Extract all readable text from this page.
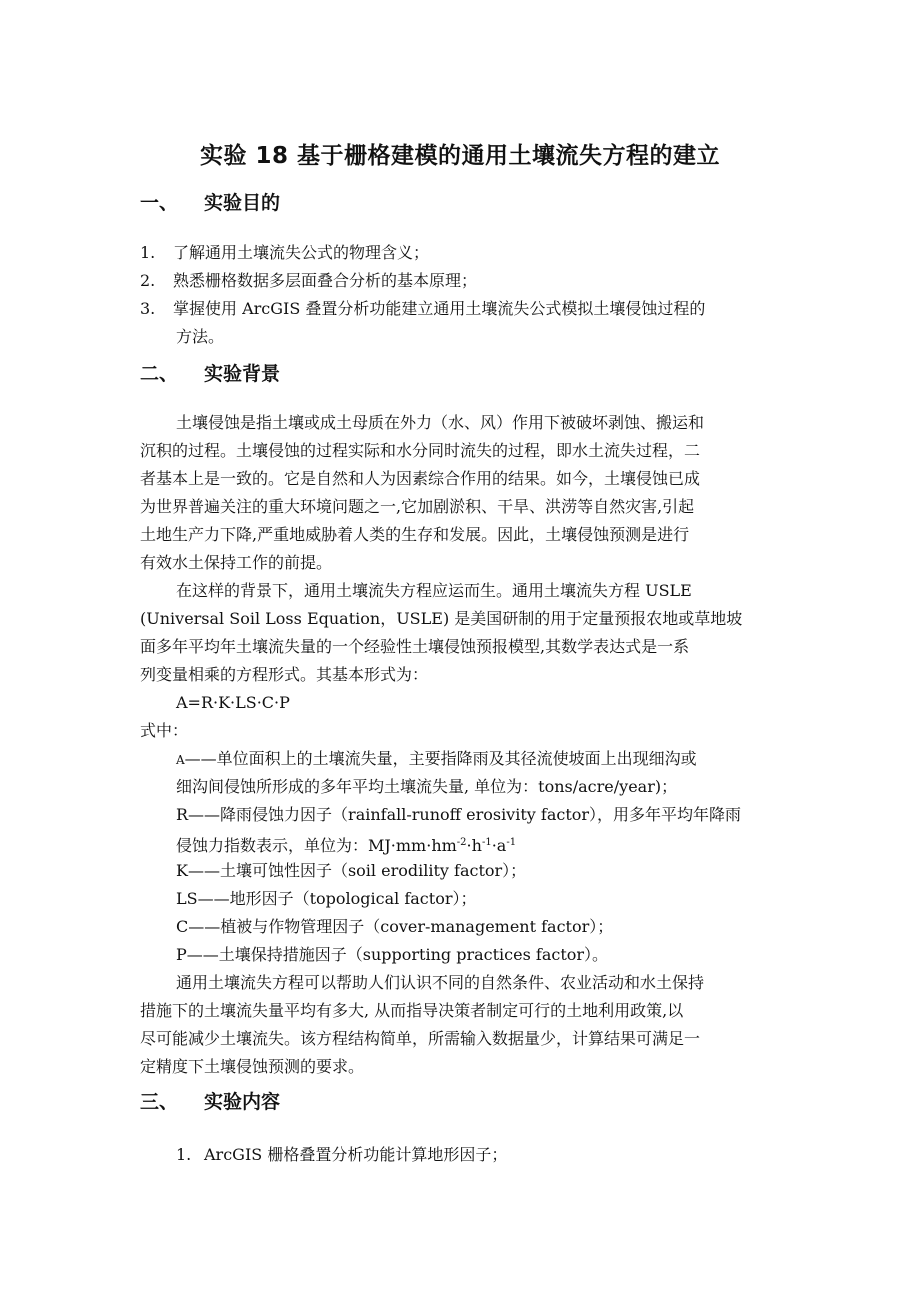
实验 18 基于栅格建模的通用土壤流失方程的建立
一、 实验目的
1. 了解通用土壤流失公式的物理含义；
2. 熟悉栅格数据多层面叠合分析的基本原理；
3. 掌握使用 ArcGIS 叠置分析功能建立通用土壤流失公式模拟土壤侵蚀过程的
方法。
二、 实验背景
土壤侵蚀是指土壤或成土母质在外力（水、风）作用下被破坏剥蚀、搬运和
沉积的过程。土壤侵蚀的过程实际和水分同时流失的过程，即水土流失过程，二
者基本上是一致的。它是自然和人为因素综合作用的结果。如今，土壤侵蚀已成
为世界普遍关注的重大环境问题之一,它加剧淤积、干旱、洪涝等自然灾害,引起
土地生产力下降,严重地威胁着人类的生存和发展。因此，土壤侵蚀预测是进行
有效水土保持工作的前提。
在这样的背景下，通用土壤流失方程应运而生。通用土壤流失方程 USLE
(Universal Soil Loss Equation，USLE) 是美国研制的用于定量预报农地或草地坡
面多年平均年土壤流失量的一个经验性土壤侵蚀预报模型,其数学表达式是一系
列变量相乘的方程形式。其基本形式为：
A=R·K·LS·C·P
式中：
A——单位面积上的土壤流失量，主要指降雨及其径流使坡面上出现细沟或
细沟间侵蚀所形成的多年平均土壤流失量, 单位为：tons/acre/year)；
R——降雨侵蚀力因子（rainfall-runoff erosivity factor），用多年平均年降雨
侵蚀力指数表示，单位为：$MJ\cdot mm\cdot hm^{-2}\cdot h^{-1}\cdot a^{-1}$
K——土壤可蚀性因子（soil erodility factor）；
LS——地形因子（topological factor）；
C——植被与作物管理因子（cover-management factor）；
P——土壤保持措施因子（supporting practices factor）。
通用土壤流失方程可以帮助人们认识不同的自然条件、农业活动和水土保持
措施下的土壤流失量平均有多大, 从而指导决策者制定可行的土地利用政策,以
尽可能减少土壤流失。该方程结构简单，所需输入数据量少，计算结果可满足一
定精度下土壤侵蚀预测的要求。
三、 实验内容
1. ArcGIS 栅格叠置分析功能计算地形因子；
